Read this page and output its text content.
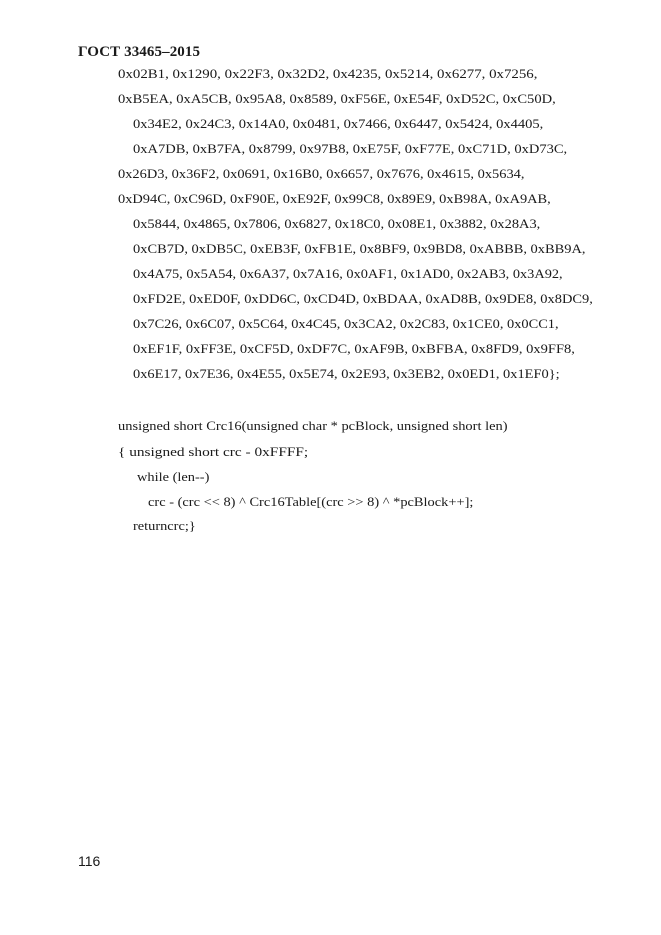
ГОСТ 33465–2015
0x02B1, 0x1290, 0x22F3, 0x32D2, 0x4235, 0x5214, 0x6277, 0x7256,
0xB5EA, 0xA5CB, 0x95A8, 0x8589, 0xF56E, 0xE54F, 0xD52C, 0xC50D,
0x34E2, 0x24C3, 0x14A0, 0x0481, 0x7466, 0x6447, 0x5424, 0x4405,
0xA7DB, 0xB7FA, 0x8799, 0x97B8, 0xE75F, 0xF77E, 0xC71D, 0xD73C,
0x26D3, 0x36F2, 0x0691, 0x16B0, 0x6657, 0x7676, 0x4615, 0x5634,
0xD94C, 0xC96D, 0xF90E, 0xE92F, 0x99C8, 0x89E9, 0xB98A, 0xA9AB,
0x5844, 0x4865, 0x7806, 0x6827, 0x18C0, 0x08E1, 0x3882, 0x28A3,
0xCB7D, 0xDB5C, 0xEB3F, 0xFB1E, 0x8BF9, 0x9BD8, 0xABBB, 0xBB9A,
0x4A75, 0x5A54, 0x6A37, 0x7A16, 0x0AF1, 0x1AD0, 0x2AB3, 0x3A92,
0xFD2E, 0xED0F, 0xDD6C, 0xCD4D, 0xBDAA, 0xAD8B, 0x9DE8, 0x8DC9,
0x7C26, 0x6C07, 0x5C64, 0x4C45, 0x3CA2, 0x2C83, 0x1CE0, 0x0CC1,
0xEF1F, 0xFF3E, 0xCF5D, 0xDF7C, 0xAF9B, 0xBFBA, 0x8FD9, 0x9FF8,
0x6E17, 0x7E36, 0x4E55, 0x5E74, 0x2E93, 0x3EB2, 0x0ED1, 0x1EF0};
unsigned short Crc16(unsigned char * pcBlock, unsigned short len)
{ unsigned short crc - 0xFFFF;
while (len--)
crc - (crc << 8) ^ Crc16Table[(crc >> 8) ^ *pcBlock++];
returncrc;}
116
